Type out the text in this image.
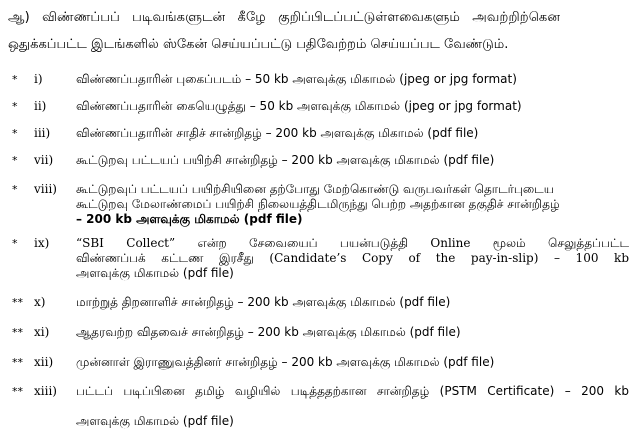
ஆ) விண்ணப்பப் படிவங்களுடன் கீழே குறிப்பிடப்பட்டுள்ளவைகளும் அவற்றிற்கென
ஒதுக்கப்பட்ட இடங்களில் ஸ்கேன் செய்யப்பட்டு பதிவேற்றம் செய்யப்பட வேண்டும்.
* i)	விண்ணப்பதாரின் புகைப்படம் – 50 kb அளவுக்கு மிகாமல் (jpeg or jpg format)
* ii) விண்ணப்பதாரின் கையெழுத்து – 50 kb அளவுக்கு மிகாமல் (jpeg or jpg format)
* iii) விண்ணப்பதாரின் சாதிச் சான்றிதழ் – 200 kb அளவுக்கு மிகாமல் (pdf file)
* vii) கூட்டுறவு பட்டயப் பயிற்சி சான்றிதழ் – 200 kb அளவுக்கு மிகாமல் (pdf file)
* viii) கூட்டுறவுப் பட்டயப் பயிற்சியினை தற்போது மேற்கொண்டு வருபவர்கள் தொடர்புடைய
கூட்டுறவு மேலாண்மைப் பயிற்சி நிலையத்திடமிருந்து பெற்ற அதற்கான தகுதிச் சான்றிதழ்
– 200 kb அளவுக்கு மிகாமல் (pdf file)
* ix) “SBI Collect” என்ற சேவையைப் பயன்படுத்தி Online மூலம் செலுத்தப்பட்ட
விண்ணப்பக் கட்டண இரசீது (Candidate’s Copy of the pay-in-slip) – 100 kb
அளவுக்கு மிகாமல் (pdf file)
** x)	மாற்றுத் திறனாளிச் சான்றிதழ் – 200 kb அளவுக்கு மிகாமல் (pdf file)
** xi) ஆதரவற்ற விதவைச் சான்றிதழ் – 200 kb அளவுக்கு மிகாமல் (pdf file)
** xii) முன்னாள் இராணுவத்தினர் சான்றிதழ் – 200 kb அளவுக்கு மிகாமல் (pdf file)
** xiii) பட்டப் படிப்பினை தமிழ் வழியில் படித்ததற்கான சான்றிதழ் (PSTM Certificate) – 200 kb
அளவுக்கு மிகாமல் (pdf file)
